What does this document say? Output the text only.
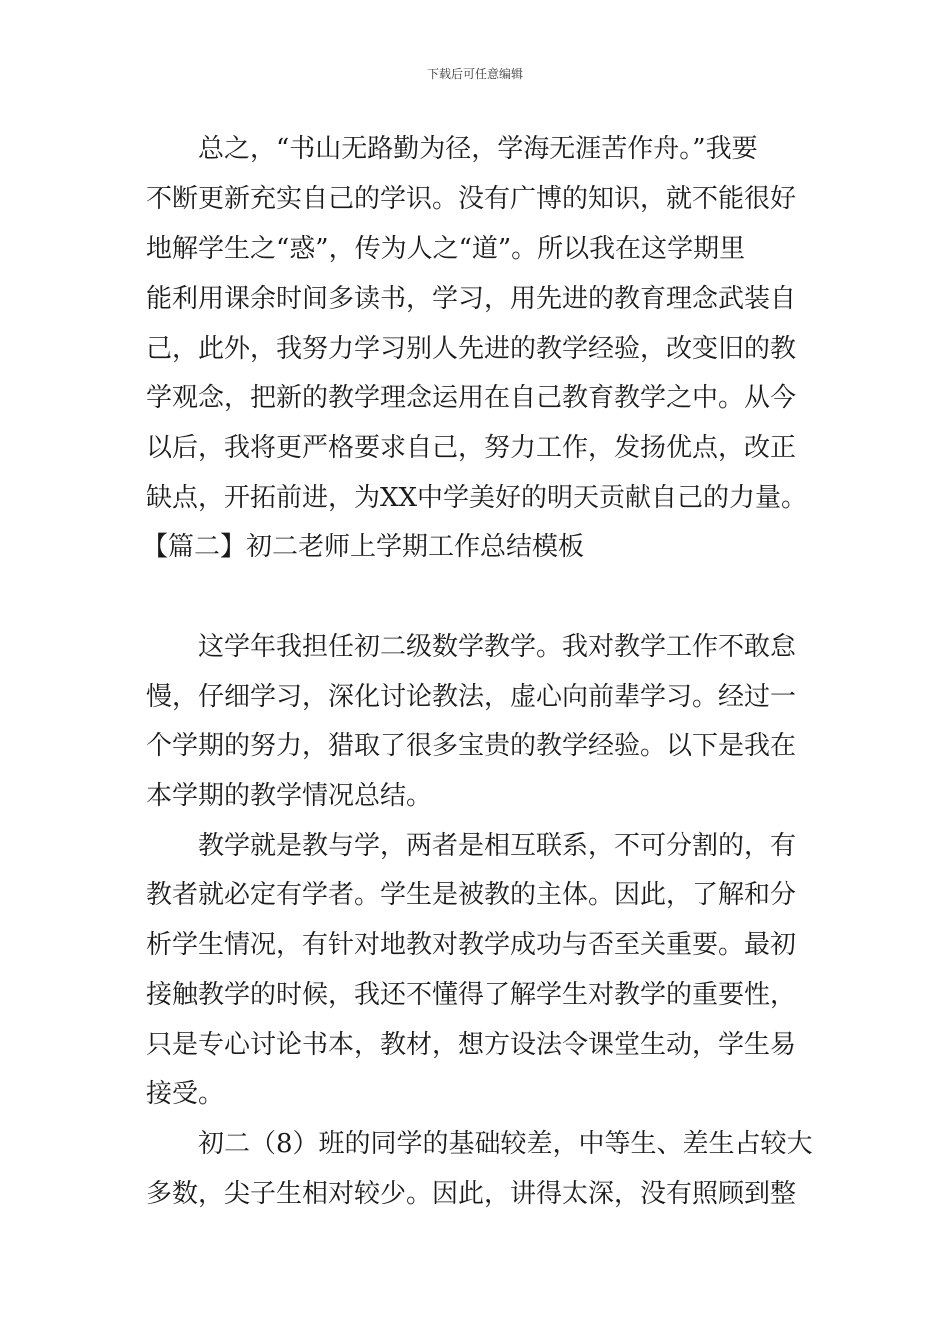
下载后可任意编辑
总之，“书山无路勤为径，学海无涯苦作舟。”我要
不断更新充实自己的学识。没有广博的知识，就不能很好
地解学生之“惑”，传为人之“道”。所以我在这学期里
能利用课余时间多读书，学习，用先进的教育理念武装自
己，此外，我努力学习别人先进的教学经验，改变旧的教
学观念，把新的教学理念运用在自己教育教学之中。从今
以后，我将更严格要求自己，努力工作，发扬优点，改正
缺点，开拓前进，为XX中学美好的明天贡献自己的力量。
【篇二】初二老师上学期工作总结模板
这学年我担任初二级数学教学。我对教学工作不敢怠
慢，仔细学习，深化讨论教法，虚心向前辈学习。经过一
个学期的努力，猎取了很多宝贵的教学经验。以下是我在
本学期的教学情况总结。
教学就是教与学，两者是相互联系，不可分割的，有
教者就必定有学者。学生是被教的主体。因此，了解和分
析学生情况，有针对地教对教学成功与否至关重要。最初
接触教学的时候，我还不懂得了解学生对教学的重要性，
只是专心讨论书本，教材，想方设法令课堂生动，学生易
接受。
初二（8）班的同学的基础较差，中等生、差生占较大
多数，尖子生相对较少。因此，讲得太深，没有照顾到整
